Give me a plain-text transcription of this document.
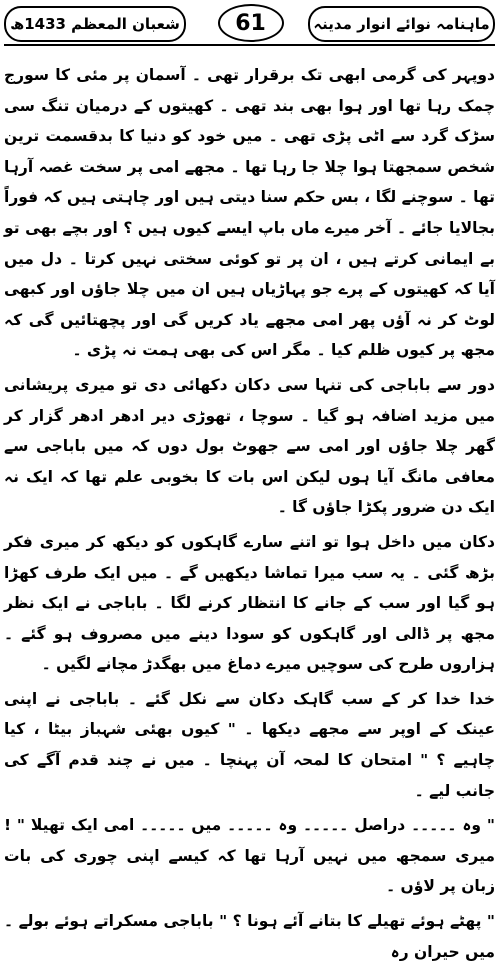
ماہنامہ نوائے انوار مدینہ
61
شعبان المعظم 1433ھ

دوپہر کی گرمی ابھی تک برقرار تھی ۔ آسمان پر مئی کا سورج چمک رہا تھا اور ہوا بھی بند تھی ۔ کھیتوں کے درمیان تنگ سی سڑک گرد سے اٹی پڑی تھی ۔ میں خود کو دنیا کا بدقسمت ترین شخص سمجھتا ہوا چلا جا رہا تھا ۔ مجھے امی پر سخت غصہ آرہا تھا ۔ سوچنے لگا ، بس حکم سنا دیتی ہیں اور چاہتی ہیں کہ فوراً بجالایا جائے ۔ آخر میرے ماں باپ ایسے کیوں ہیں ؟ اور بچے بھی تو بے ایمانی کرتے ہیں ، ان پر تو کوئی سختی نہیں کرتا ۔ دل میں آیا کہ کھیتوں کے پرے جو پہاڑیاں ہیں ان میں چلا جاؤں اور کبھی لوٹ کر نہ آؤں پھر امی مجھے یاد کریں گی اور پچھتائیں گی کہ مجھ پر کیوں ظلم کیا ۔ مگر اس کی بھی ہمت نہ پڑی ۔

دور سے باباجی کی تنہا سی دکان دکھائی دی تو میری پریشانی میں مزید اضافہ ہو گیا ۔ سوچا ، تھوڑی دیر ادھر ادھر گزار کر گھر چلا جاؤں اور امی سے جھوٹ بول دوں کہ میں باباجی سے معافی مانگ آیا ہوں لیکن اس بات کا بخوبی علم تھا کہ ایک نہ ایک دن ضرور پکڑا جاؤں گا ۔

دکان میں داخل ہوا تو اتنے سارے گاہکوں کو دیکھ کر میری فکر بڑھ گئی ۔ یہ سب میرا تماشا دیکھیں گے ۔ میں ایک طرف کھڑا ہو گیا اور سب کے جانے کا انتظار کرنے لگا ۔ باباجی نے ایک نظر مجھ پر ڈالی اور گاہکوں کو سودا دینے میں مصروف ہو گئے ۔ ہزاروں طرح کی سوچیں میرے دماغ میں بھگدڑ مچانے لگیں ۔

خدا خدا کر کے سب گاہک دکان سے نکل گئے ۔ باباجی نے اپنی عینک کے اوپر سے مجھے دیکھا ۔ " کیوں بھئی شہباز بیٹا ، کیا چاہیے ؟ " امتحان کا لمحہ آن پہنچا ۔ میں نے چند قدم آگے کی جانب لیے ۔

" وہ ۔۔۔۔۔ دراصل ۔۔۔۔۔ وہ ۔۔۔۔۔ میں ۔۔۔۔۔ امی ایک تھیلا " ! میری سمجھ میں نہیں آرہا تھا کہ کیسے اپنی چوری کی بات زبان پر لاؤں ۔

" پھٹے ہوئے تھیلے کا بتانے آئے ہونا ؟ " باباجی مسکراتے ہوئے بولے ۔ میں حیران رہ
